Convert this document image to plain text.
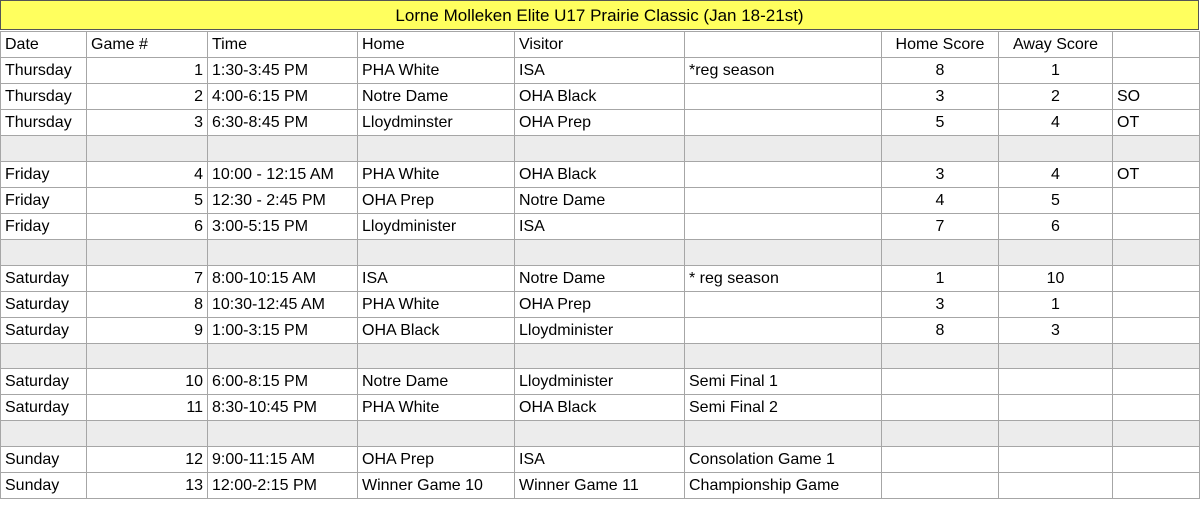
Lorne Molleken Elite U17 Prairie Classic (Jan 18-21st)
Date	Game #	Time	Home	Visitor		Home Score	Away Score	
Thursday	1	1:30-3:45 PM	PHA White	ISA	*reg season	8	1	
Thursday	2	4:00-6:15 PM	Notre Dame	OHA Black		3	2	SO
Thursday	3	6:30-8:45 PM	Lloydminster	OHA Prep		5	4	OT

Friday	4	10:00 - 12:15 AM	PHA White	OHA Black		3	4	OT
Friday	5	12:30 - 2:45 PM	OHA Prep	Notre Dame		4	5	
Friday	6	3:00-5:15 PM	Lloydminister	ISA		7	6	

Saturday	7	8:00-10:15 AM	ISA	Notre Dame	* reg season	1	10	
Saturday	8	10:30-12:45 AM	PHA White	OHA Prep		3	1	
Saturday	9	1:00-3:15 PM	OHA Black	Lloydminister		8	3	

Saturday	10	6:00-8:15 PM	Notre Dame	Lloydminister	Semi Final 1			
Saturday	11	8:30-10:45 PM	PHA White	OHA Black	Semi Final 2			

Sunday	12	9:00-11:15 AM	OHA Prep	ISA	Consolation Game 1			
Sunday	13	12:00-2:15 PM	Winner Game 10	Winner Game 11	Championship Game			
